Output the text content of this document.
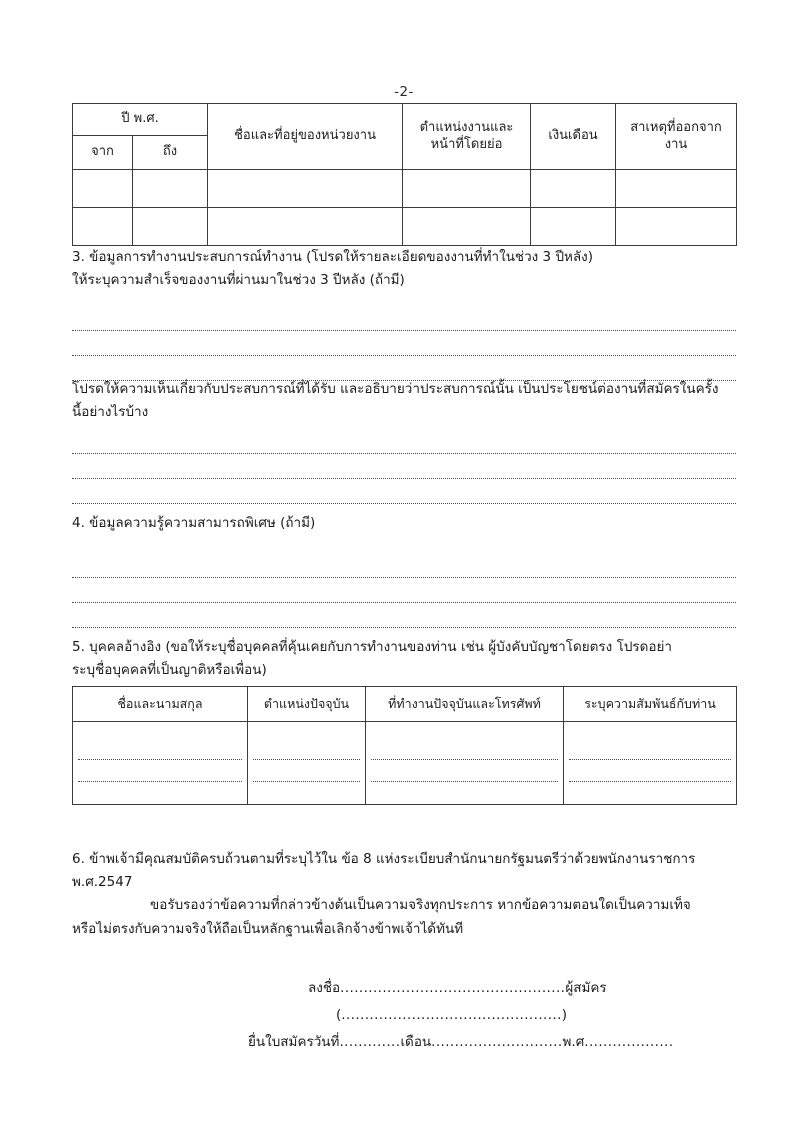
-2-
ปี พ.ศ.		ชื่อและที่อยู่ของหน่วยงาน	ตำแหน่งงานและหน้าที่โดยย่อ	เงินเดือน	สาเหตุที่ออกจากงาน
จาก	ถึง				

3. ข้อมูลการทำงานประสบการณ์ทำงาน (โปรดให้รายละเอียดของงานที่ทำในช่วง 3 ปีหลัง)

ให้ระบุความสำเร็จของงานที่ผ่านมาในช่วง 3 ปีหลัง (ถ้ามี)

โปรดให้ความเห็นเกี่ยวกับประสบการณ์ที่ได้รับ และอธิบายว่าประสบการณ์นั้น เป็นประโยชน์ต่องานที่สมัครในครั้ง

นี้อย่างไรบ้าง

4. ข้อมูลความรู้ความสามารถพิเศษ (ถ้ามี)

5. บุคคลอ้างอิง (ขอให้ระบุชื่อบุคคลที่คุ้นเคยกับการทำงานของท่าน เช่น ผู้บังคับบัญชาโดยตรง โปรดอย่า

ระบุชื่อบุคคลที่เป็นญาติหรือเพื่อน)

ชื่อและนามสกุล	ตำแหน่งปัจจุบัน	ที่ทำงานปัจจุบันและโทรศัพท์	ระบุความสัมพันธ์กับท่าน

6. ข้าพเจ้ามีคุณสมบัติครบถ้วนตามที่ระบุไว้ใน ข้อ 8 แห่งระเบียบสำนักนายกรัฐมนตรีว่าด้วยพนักงานราชการ

พ.ศ.2547

ขอรับรองว่าข้อความที่กล่าวข้างต้นเป็นความจริงทุกประการ หากข้อความตอนใดเป็นความเท็จ

หรือไม่ตรงกับความจริงให้ถือเป็นหลักฐานเพื่อเลิกจ้างข้าพเจ้าได้ทันที

ลงชื่อ................................................ผู้สมัคร
(...............................................)
ยื่นใบสมัครวันที่.............เดือน............................พ.ศ...................
